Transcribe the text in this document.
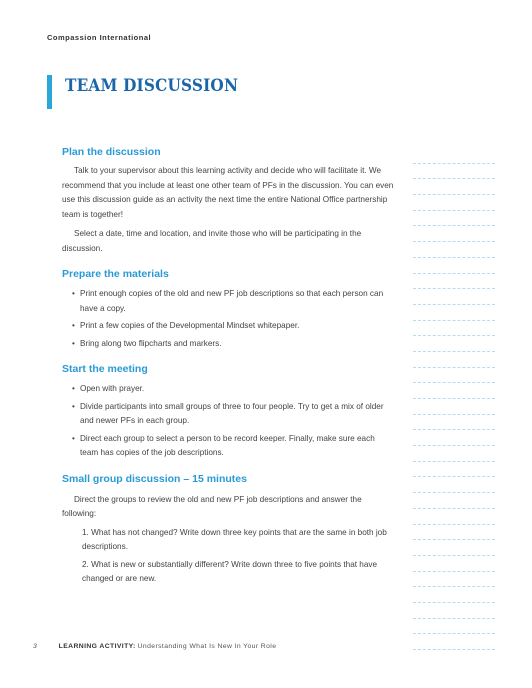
Compassion International
TEAM DISCUSSION
Plan the discussion

Talk to your supervisor about this learning activity and decide who will facilitate it. We recommend that you include at least one other team of PFs in the discussion. You can even use this discussion guide as an activity the next time the entire National Office partnership team is together!

Select a date, time and location, and invite those who will be participating in the discussion.

Prepare the materials
• Print enough copies of the old and new PF job descriptions so that each person can have a copy.
• Print a few copies of the Developmental Mindset whitepaper.
• Bring along two flipcharts and markers.
Start the meeting
• Open with prayer.
• Divide participants into small groups of three to four people. Try to get a mix of older and newer PFs in each group.
• Direct each group to select a person to be record keeper. Finally, make sure each team has copies of the job descriptions.
Small group discussion – 15 minutes

Direct the groups to review the old and new PF job descriptions and answer the following:

1. What has not changed? Write down three key points that are the same in both job descriptions.
2. What is new or substantially different? Write down three to five points that have changed or are new.
3	LEARNING ACTIVITY: Understanding What Is New In Your Role
